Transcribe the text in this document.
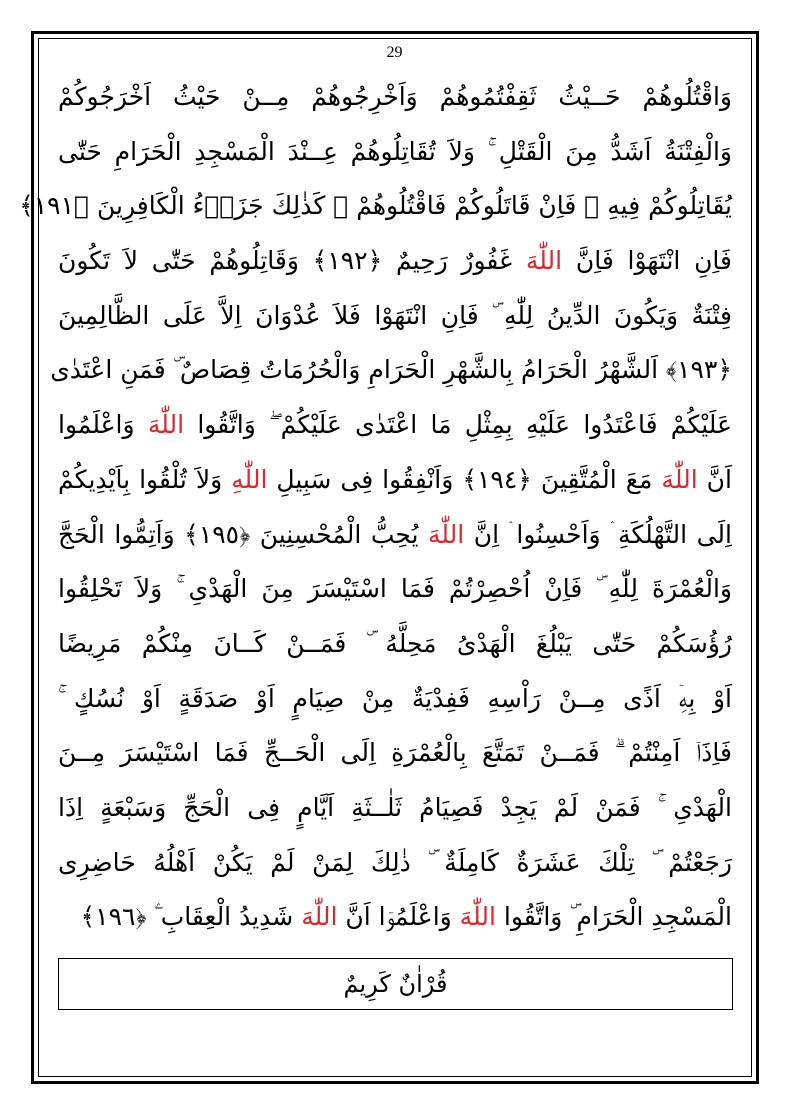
29
وَاقْتُلُوهُمْ حَــيْثُ ثَقِفْتُمُوهُمْ وَاَخْرِجُوهُمْ مِــنْ حَيْثُ اَخْرَجُوكُمْ
وَالْفِتْنَةُ اَشَدُّ مِنَ الْقَتْلِ ۚ وَلاَ تُقَاتِلُوهُمْ عِــنْدَ الْمَسْجِدِ الْحَرَامِ حَتّٰى
يُقَاتِلُوكُمْ فِيهِ ۚ فَاِنْ قَاتَلُوكُمْ فَاقْتُلُوهُمْ ۜ كَذٰلِكَ جَزَاۤءُ الْكَافِرِينَ ﴿١٩١﴾
فَاِنِ انْتَهَوْا فَاِنَّ اللّٰهَ غَفُورٌ رَحِيمٌ ﴿١٩٢﴾ وَقَاتِلُوهُمْ حَتّٰى لاَ تَكُونَ
فِتْنَةٌ وَيَكُونَ الدِّينُ لِلّٰهِ ۜ فَاِنِ انْتَهَوْا فَلاَ عُدْوَانَ اِلاَّ عَلَى الظَّالِمِينَ
﴿١٩٣﴾ اَلشَّهْرُ الْحَرَامُ بِالشَّهْرِ الْحَرَامِ وَالْحُرُمَاتُ قِصَاصٌ ۜ فَمَنِ اعْتَدٰى
عَلَيْكُمْ فَاعْتَدُوا عَلَيْهِ بِمِثْلِ مَا اعْتَدٰى عَلَيْكُمْ ۖ وَاتَّقُوا اللّٰهَ وَاعْلَمُوا
اَنَّ اللّٰهَ مَعَ الْمُتَّقِينَ ﴿١٩٤﴾ وَاَنْفِقُوا فِى سَبِيلِ اللّٰهِ وَلاَ تُلْقُوا بِاَيْدِيكُمْ
اِلَى التَّهْلُكَةِ ۛ وَاَحْسِنُوا ۛ اِنَّ اللّٰهَ يُحِبُّ الْمُحْسِنِينَ ﴿١٩٥﴾ وَاَتِمُّوا الْحَجَّ
وَالْعُمْرَةَ لِلّٰهِ ۜ فَاِنْ اُحْصِرْتُمْ فَمَا اسْتَيْسَرَ مِنَ الْهَدْىِ ۚ وَلاَ تَحْلِقُوا
رُؤُسَكُمْ حَتّٰى يَبْلُغَ الْهَدْىُ مَحِلَّهُ ۜ فَمَــنْ كَــانَ مِنْكُمْ مَرِيضًا
اَوْ بِهِۤ اَذًى مِــنْ رَاْسِهِ فَفِدْيَةٌ مِنْ صِيَامٍ اَوْ صَدَقَةٍ اَوْ نُسُكٍ ۚ
فَاِذَاۤ اَمِنْتُمْ ۗ فَمَــنْ تَمَتَّعَ بِالْعُمْرَةِ اِلَى الْحَــجِّ فَمَا اسْتَيْسَرَ مِــنَ
الْهَدْىِ ۚ فَمَنْ لَمْ يَجِدْ فَصِيَامُ ثَلٰــثَةِ اَيَّامٍ فِى الْحَجِّ وَسَبْعَةٍ اِذَا
رَجَعْتُمْ ۜ تِلْكَ عَشَرَةٌ كَامِلَةٌ ۜ ذٰلِكَ لِمَنْ لَمْ يَكُنْ اَهْلُهُ حَاضِرِى
الْمَسْجِدِ الْحَرَامِ ۜ وَاتَّقُوا اللّٰهَ وَاعْلَمُوۤا اَنَّ اللّٰهَ شَدِيدُ الْعِقَابِ ۧ ﴿١٩٦﴾
قُرْاٰنٌ كَرِيمٌ
